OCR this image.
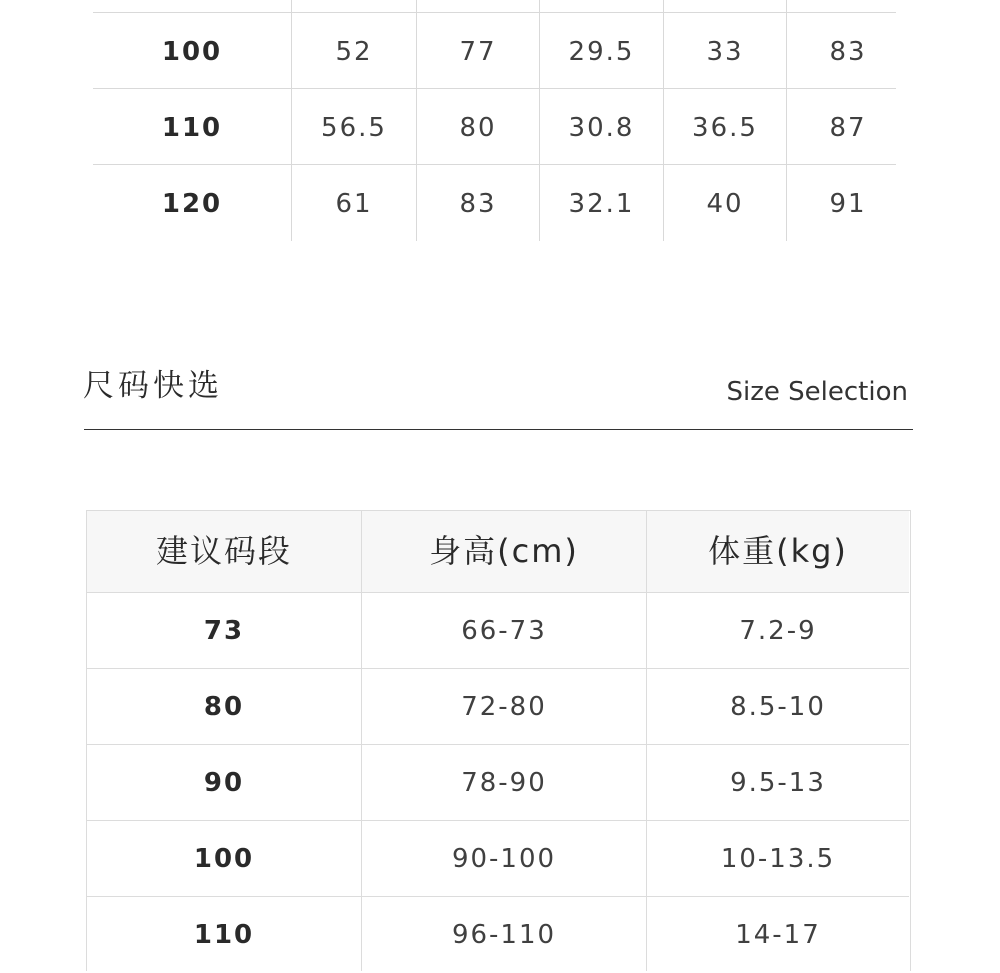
100	52	77	29.5	33	83
110	56.5	80	30.8	36.5	87
120	61	83	32.1	40	91
尺码快选	Size Selection
建议码段	身高(cm)	体重(kg)
73	66-73	7.2-9
80	72-80	8.5-10
90	78-90	9.5-13
100	90-100	10-13.5
110	96-110	14-17
